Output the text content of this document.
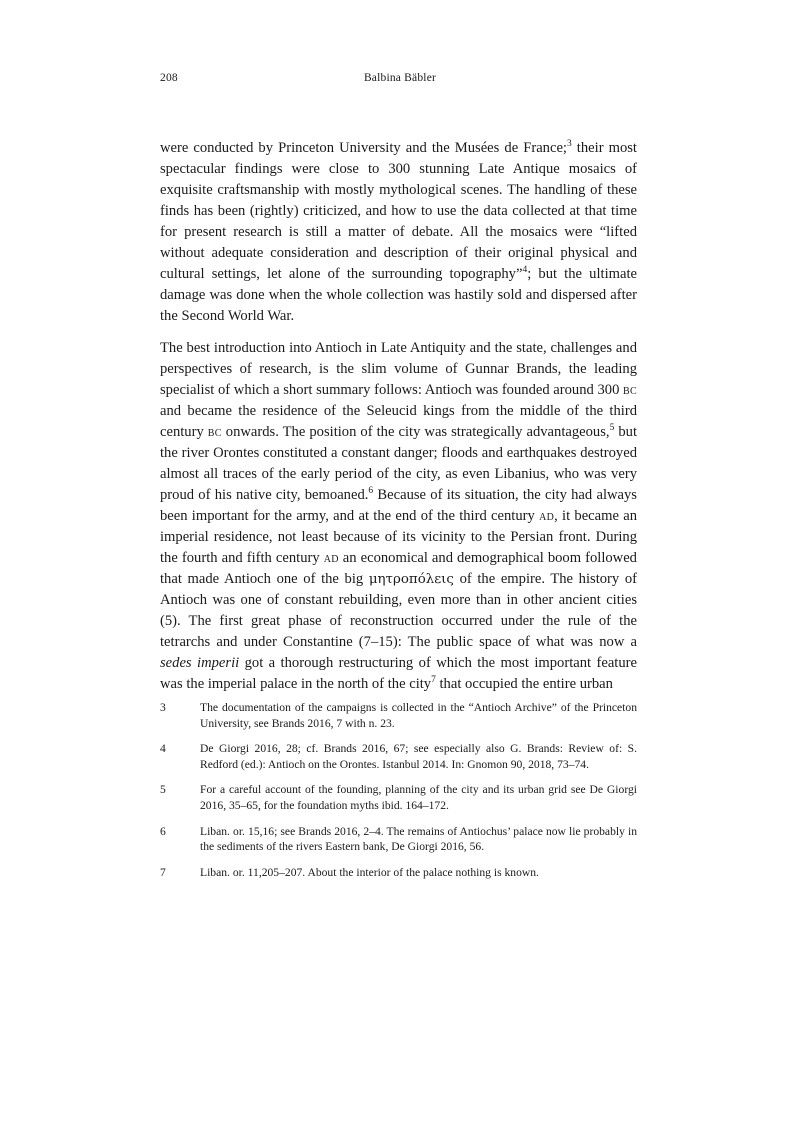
208	Balbina Bäbler

were conducted by Princeton University and the Musées de France;$^3$ their most spectacular findings were close to 300 stunning Late Antique mosaics of exquisite craftsmanship with mostly mythological scenes. The handling of these finds has been (rightly) criticized, and how to use the data collected at that time for present research is still a matter of debate. All the mosaics were “lifted without adequate consideration and description of their original physical and cultural settings, let alone of the surrounding topography”$^4$; but the ultimate damage was done when the whole collection was hastily sold and dispersed after the Second World War.

The best introduction into Antioch in Late Antiquity and the state, challenges and perspectives of research, is the slim volume of Gunnar Brands, the leading specialist of which a short summary follows: Antioch was founded around 300 bc and became the residence of the Seleucid kings from the middle of the third century bc onwards. The position of the city was strategically advantageous,$^5$ but the river Orontes constituted a constant danger; floods and earthquakes destroyed almost all traces of the early period of the city, as even Libanius, who was very proud of his native city, bemoaned.$^6$ Because of its situation, the city had always been important for the army, and at the end of the third century ad, it became an imperial residence, not least because of its vicinity to the Persian front. During the fourth and fifth century ad an economical and demographical boom followed that made Antioch one of the big μητροπόλεις of the empire. The history of Antioch was one of constant rebuilding, even more than in other ancient cities (5). The first great phase of reconstruction occurred under the rule of the tetrarchs and under Constantine (7–15): The public space of what was now a sedes imperii got a thorough restructuring of which the most important feature was the imperial palace in the north of the city$^7$ that occupied the entire urban

3	The documentation of the campaigns is collected in the “Antioch Archive” of the Princeton University, see Brands 2016, 7 with n. 23.
4	De Giorgi 2016, 28; cf. Brands 2016, 67; see especially also G. Brands: Review of: S. Redford (ed.): Antioch on the Orontes. Istanbul 2014. In: Gnomon 90, 2018, 73–74.
5	For a careful account of the founding, planning of the city and its urban grid see De Giorgi 2016, 35–65, for the foundation myths ibid. 164–172.
6	Liban. or. 15,16; see Brands 2016, 2–4. The remains of Antiochus’ palace now lie probably in the sediments of the rivers Eastern bank, De Giorgi 2016, 56.
7	Liban. or. 11,205–207. About the interior of the palace nothing is known.
